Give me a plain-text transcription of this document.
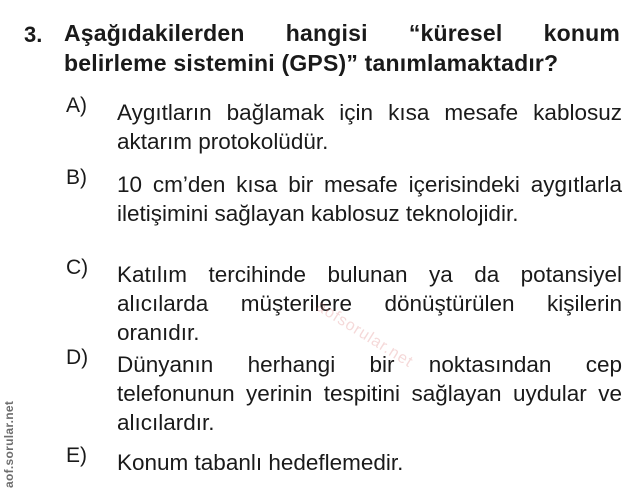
3. Aşağıdakilerden hangisi “küresel konum belirleme sistemini (GPS)” tanımlamaktadır?
A) Aygıtların bağlamak için kısa mesafe kablosuz aktarım protokolüdür.
B) 10 cm’den kısa bir mesafe içerisindeki aygıtlarla iletişimini sağlayan kablosuz teknolojidir.
C) Katılım tercihinde bulunan ya da potansiyel alıcılarda müşterilere dönüştürülen kişilerin oranıdır.
D) Dünyanın herhangi bir noktasından cep telefonunun yerinin tespitini sağlayan uydular ve alıcılardır.
E) Konum tabanlı hedeflemedir.
aofsorular.net
aof.sorular.net
